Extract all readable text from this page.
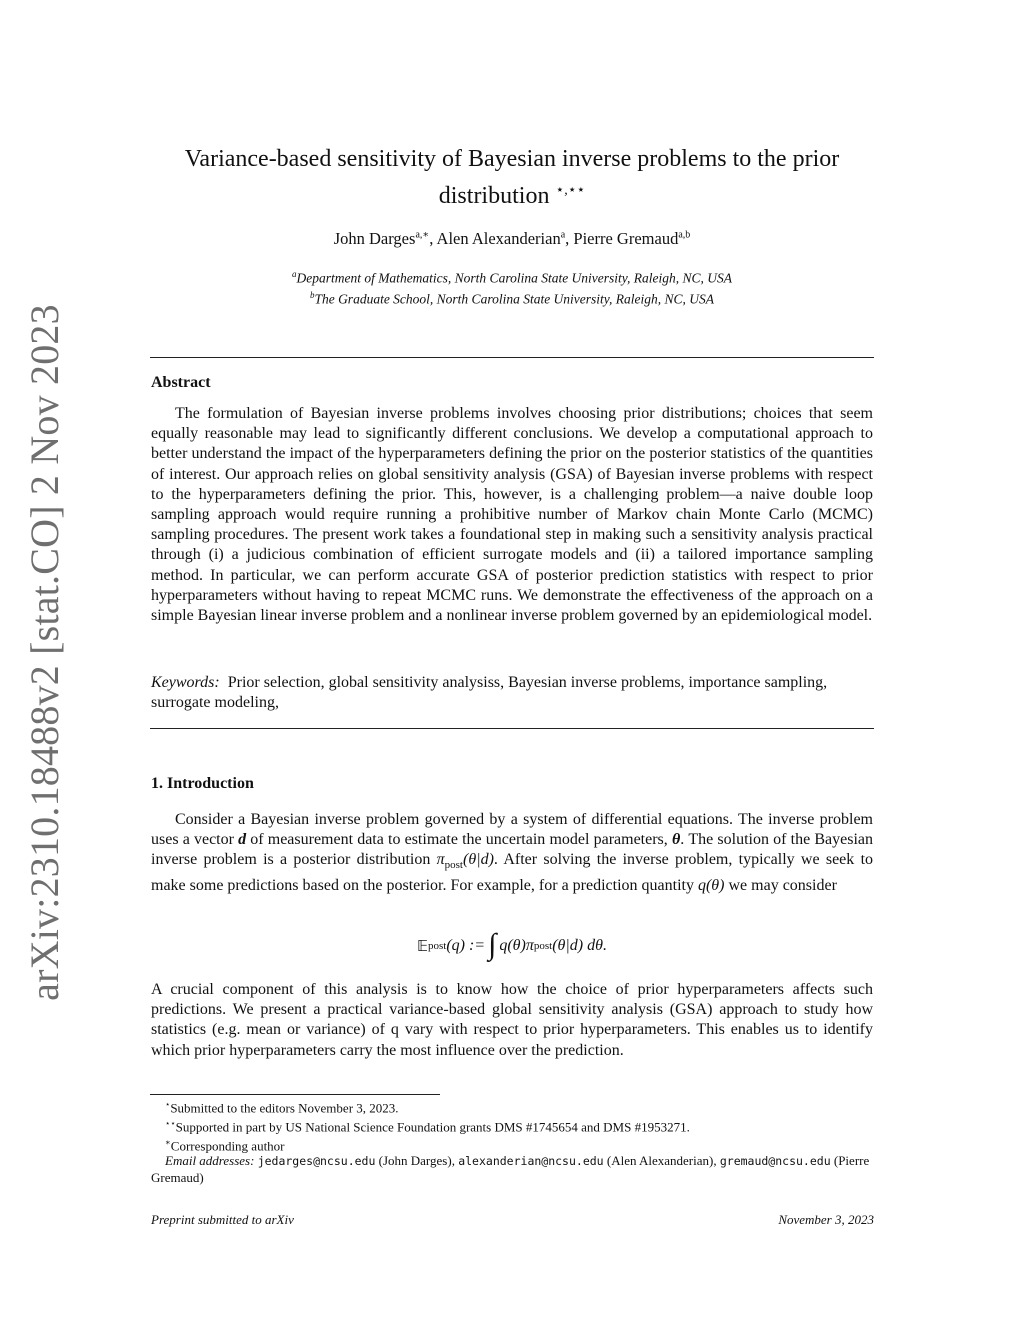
arXiv:2310.18488v2 [stat.CO] 2 Nov 2023
Variance-based sensitivity of Bayesian inverse problems to the prior distribution ⋆,⋆⋆
John Darges$^{a,∗}$, Alen Alexanderian$^a$, Pierre Gremaud$^{a,b}$
$^a$Department of Mathematics, North Carolina State University, Raleigh, NC, USA
$^b$The Graduate School, North Carolina State University, Raleigh, NC, USA
Abstract

The formulation of Bayesian inverse problems involves choosing prior distributions; choices that seem equally reasonable may lead to significantly different conclusions. We develop a computational approach to better understand the impact of the hyperparameters defining the prior on the posterior statistics of the quantities of interest. Our approach relies on global sensitivity analysis (GSA) of Bayesian inverse problems with respect to the hyperparameters defining the prior. This, however, is a challenging problem—a naive double loop sampling approach would require running a prohibitive number of Markov chain Monte Carlo (MCMC) sampling procedures. The present work takes a foundational step in making such a sensitivity analysis practical through (i) a judicious combination of efficient surrogate models and (ii) a tailored importance sampling method. In particular, we can perform accurate GSA of posterior prediction statistics with respect to prior hyperparameters without having to repeat MCMC runs. We demonstrate the effectiveness of the approach on a simple Bayesian linear inverse problem and a nonlinear inverse problem governed by an epidemiological model.

Keywords: Prior selection, global sensitivity analysiss, Bayesian inverse problems, importance sampling, surrogate modeling,

1. Introduction

Consider a Bayesian inverse problem governed by a system of differential equations. The inverse problem uses a vector d of measurement data to estimate the uncertain model parameters, θ. The solution of the Bayesian inverse problem is a posterior distribution $\pi_{post}(\theta|d)$. After solving the inverse problem, typically we seek to make some predictions based on the posterior. For example, for a prediction quantity q(θ) we may consider

𝔼 post (q) := ∫ q(θ)π post (θ|d) dθ.

A crucial component of this analysis is to know how the choice of prior hyperparameters affects such predictions. We present a practical variance-based global sensitivity analysis (GSA) approach to study how statistics (e.g. mean or variance) of q vary with respect to prior hyperparameters. This enables us to identify which prior hyperparameters carry the most influence over the prediction.

⋆Submitted to the editors November 3, 2023.
⋆⋆Supported in part by US National Science Foundation grants DMS #1745654 and DMS #1953271.
∗Corresponding author
Email addresses: jedarges@ncsu.edu (John Darges), alexanderian@ncsu.edu (Alen Alexanderian), gremaud@ncsu.edu (Pierre Gremaud)
Preprint submitted to arXiv	November 3, 2023
